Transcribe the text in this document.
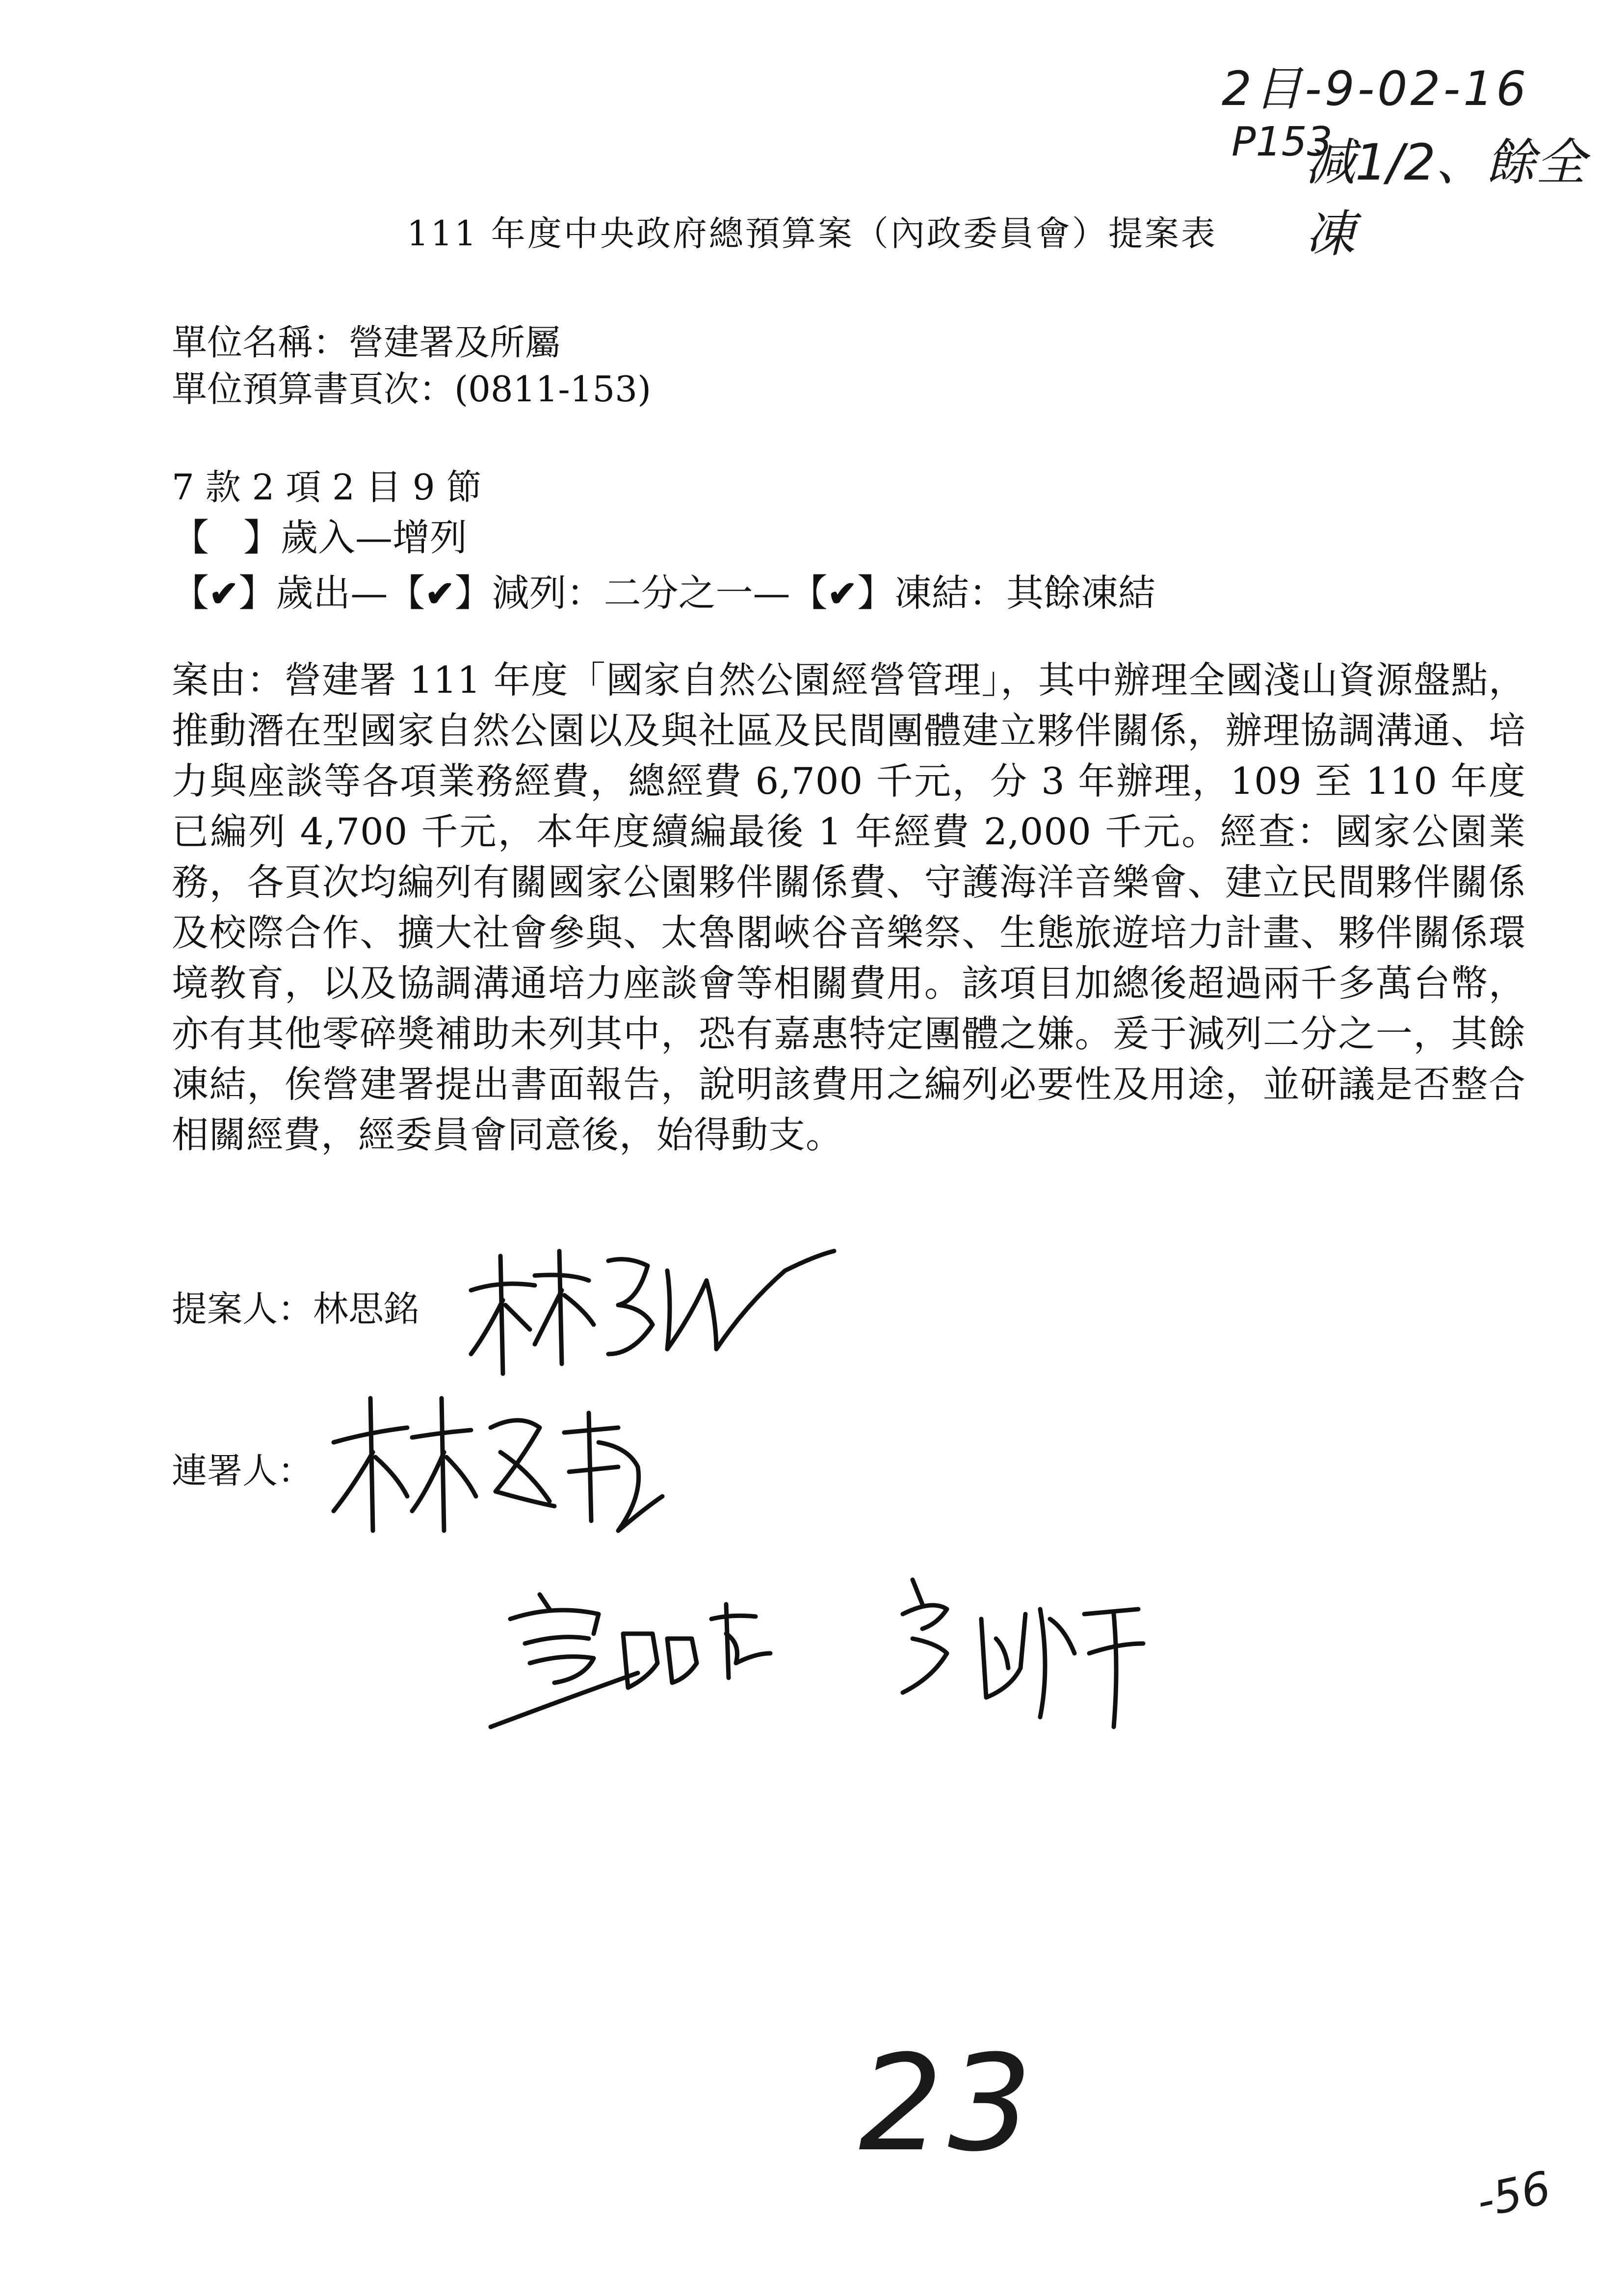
2目-9-02-16 P153
減1/2、餘全凍
111 年度中央政府總預算案（內政委員會）提案表
單位名稱：營建署及所屬
單位預算書頁次：(0811-153)
7 款 2 項 2 目 9 節
【 】歲入—增列
【✔】歲出—【✔】減列：二分之一—【✔】凍結：其餘凍結
案由：營建署 111 年度「國家自然公園經營管理」，其中辦理全國淺山資源盤點，推動潛在型國家自然公園以及與社區及民間團體建立夥伴關係，辦理協調溝通、培力與座談等各項業務經費，總經費 6,700 千元，分 3 年辦理，109 至 110 年度已編列 4,700 千元，本年度續編最後 1 年經費 2,000 千元。經查：國家公園業務，各頁次均編列有關國家公園夥伴關係費、守護海洋音樂會、建立民間夥伴關係及校際合作、擴大社會參與、太魯閣峽谷音樂祭、生態旅遊培力計畫、夥伴關係環境教育，以及協調溝通培力座談會等相關費用。該項目加總後超過兩千多萬台幣，亦有其他零碎獎補助未列其中，恐有嘉惠特定團體之嫌。爰于減列二分之一，其餘凍結，俟營建署提出書面報告，說明該費用之編列必要性及用途，並研議是否整合相關經費，經委員會同意後，始得動支。
提案人：林思銘
連署人：
23
-56
